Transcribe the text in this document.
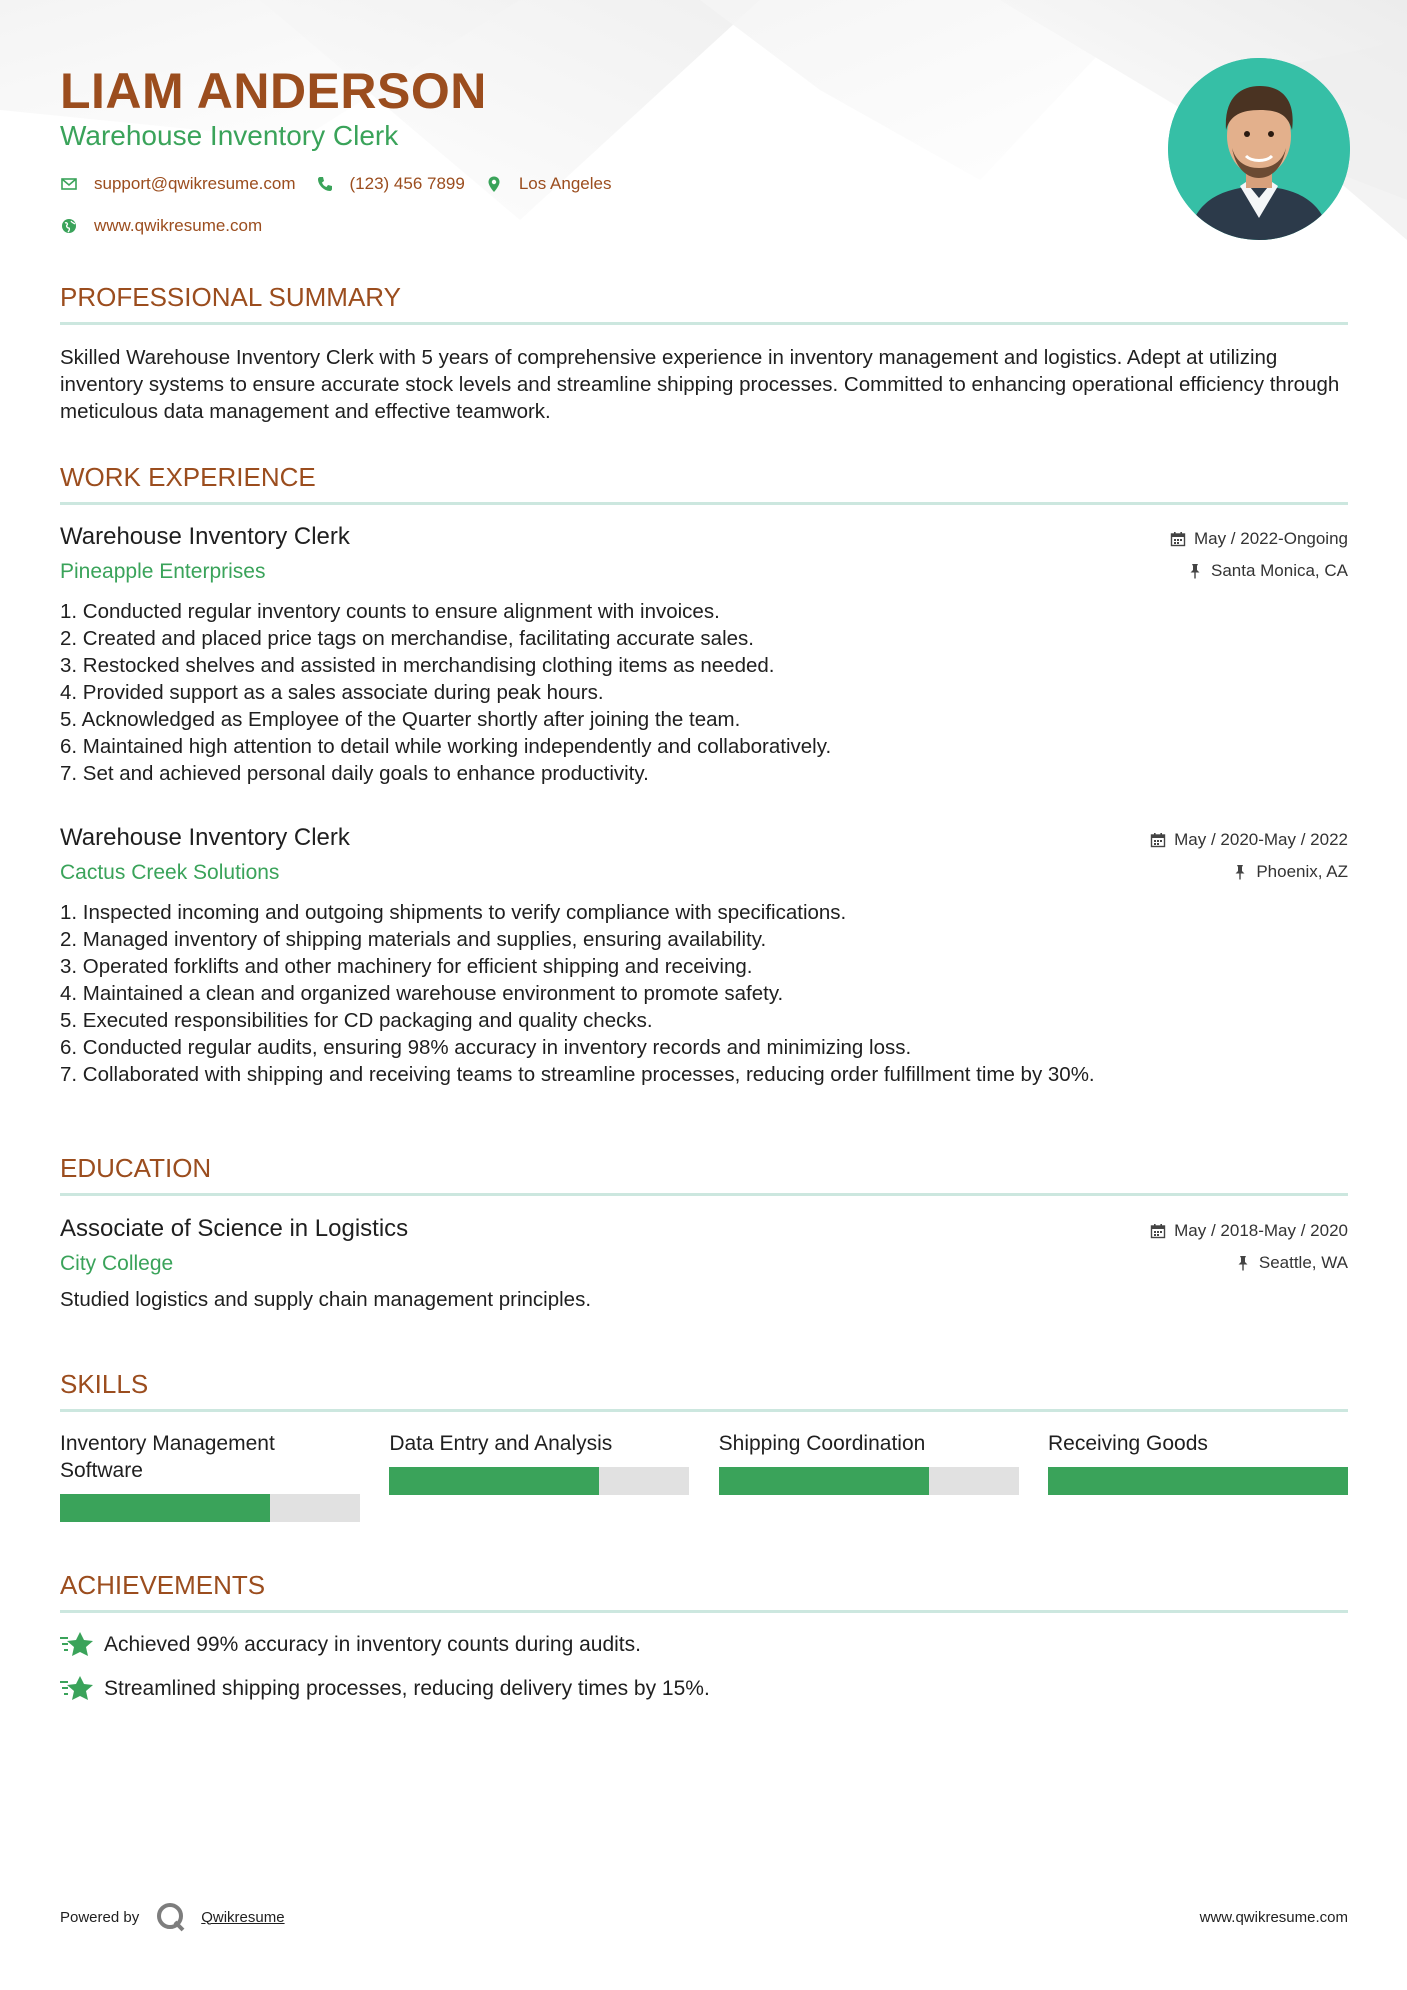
LIAM ANDERSON
Warehouse Inventory Clerk
support@qwikresume.com	(123) 456 7899	Los Angeles
www.qwikresume.com
PROFESSIONAL SUMMARY
Skilled Warehouse Inventory Clerk with 5 years of comprehensive experience in inventory management and logistics. Adept at utilizing inventory systems to ensure accurate stock levels and streamline shipping processes. Committed to enhancing operational efficiency through meticulous data management and effective teamwork.
WORK EXPERIENCE
Warehouse Inventory Clerk
Pineapple Enterprises
May / 2022-Ongoing
Santa Monica, CA
1. Conducted regular inventory counts to ensure alignment with invoices.
2. Created and placed price tags on merchandise, facilitating accurate sales.
3. Restocked shelves and assisted in merchandising clothing items as needed.
4. Provided support as a sales associate during peak hours.
5. Acknowledged as Employee of the Quarter shortly after joining the team.
6. Maintained high attention to detail while working independently and collaboratively.
7. Set and achieved personal daily goals to enhance productivity.
Warehouse Inventory Clerk
Cactus Creek Solutions
May / 2020-May / 2022
Phoenix, AZ
1. Inspected incoming and outgoing shipments to verify compliance with specifications.
2. Managed inventory of shipping materials and supplies, ensuring availability.
3. Operated forklifts and other machinery for efficient shipping and receiving.
4. Maintained a clean and organized warehouse environment to promote safety.
5. Executed responsibilities for CD packaging and quality checks.
6. Conducted regular audits, ensuring 98% accuracy in inventory records and minimizing loss.
7. Collaborated with shipping and receiving teams to streamline processes, reducing order fulfillment time by 30%.
EDUCATION
Associate of Science in Logistics
City College
May / 2018-May / 2020
Seattle, WA
Studied logistics and supply chain management principles.
SKILLS
Inventory Management Software
Data Entry and Analysis	Shipping Coordination	Receiving Goods
ACHIEVEMENTS
Achieved 99% accuracy in inventory counts during audits.
Streamlined shipping processes, reducing delivery times by 15%.
Powered by	Qwikresume	www.qwikresume.com
